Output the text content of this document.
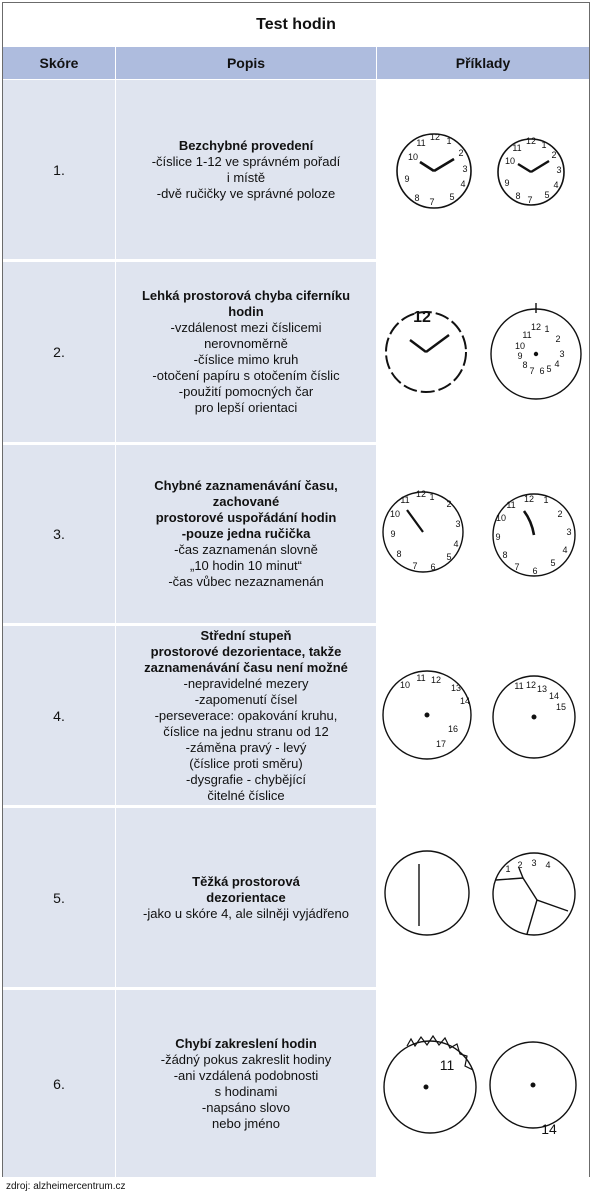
Test hodin
Skóre	Popis	Příklady
1.
Bezchybné provedení
-číslice 1-12 ve správném pořadí
i místě
-dvě ručičky ve správné poloze
1
2
3
4
5
7
8
9
10
11
12
1
2
3
4
5
7
8
9
10
11
12
2.
Lehká prostorová chyba ciferníku
hodin
-vzdálenost mezi číslicemi
nerovnoměrně
-číslice mimo kruh
-otočení papíru s otočením číslic
-použití pomocných čar
pro lepší orientaci
12
1
2
3
4
5
6
7
8
9
10
11
12
3.
Chybné zaznamenávání času,
zachované
prostorové uspořádání hodin
-pouze jedna ručička
-čas zaznamenán slovně
„10 hodin 10 minut“
-čas vůbec nezaznamenán
1
2
3
4
5
6
7
8
9
10
11
12
1
2
3
4
5
6
7
8
9
10
11
12
4.
Střední stupeň
prostorové dezorientace, takže
zaznamenávání času není možné
-nepravidelné mezery
-zapomenutí čísel
-perseverace: opakování kruhu,
číslice na jednu stranu od 12
-záměna pravý - levý
(číslice proti směru)
-dysgrafie - chybějící
čitelné číslice
10
11 12
13
14
16
17
11 12 13
14
15
5.
Těžká prostorová
dezorientace
-jako u skóre 4, ale silněji vyjádřeno
1 2 3 4
6.
Chybí zakreslení hodin
-žádný pokus zakreslit hodiny
-ani vzdálená podobnosti
s hodinami
-napsáno slovo
nebo jméno
11
14
zdroj: alzheimercentrum.cz
